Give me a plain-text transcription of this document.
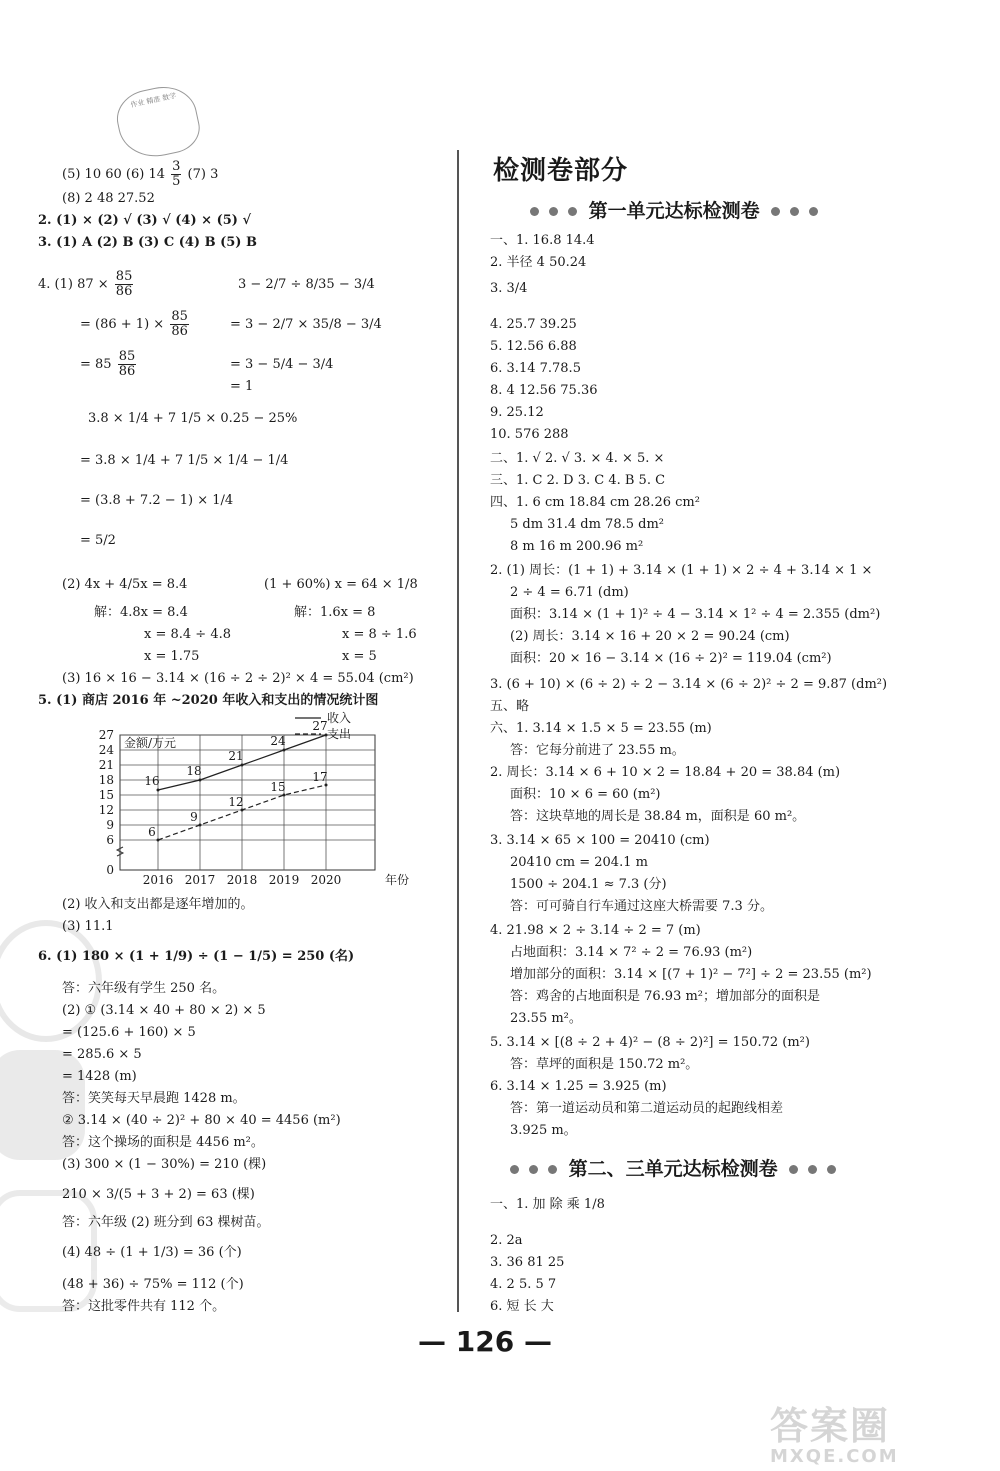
作业 精准 数学
(5) 10 60 (6) $14 \frac{3}{5} (7)$ 3
(8) 2 48 27.52
2. (1) × (2) √ (3) √ (4) × (5) √
3. (1) A (2) B (3) C (4) B (5) B
4. (1) $87 \times \frac{85}{86}$
= $(86 + 1) \times \frac{85}{86}$
= $85 \frac{85}{86}$
3 − 2/7 ÷ 8/35 − 3/4
= 3 − 2/7 × 35/8 − 3/4
= 3 − 5/4 − 3/4
= 1
3.8 × 1/4 + 7 1/5 × 0.25 − 25%
= 3.8 × 1/4 + 7 1/5 × 1/4 − 1/4
= (3.8 + 7.2 − 1) × 1/4
= 5/2
(2) 4x + 4/5x = 8.4	(1 + 60%) x = 64 × 1/8
解：4.8x = 8.4	解：1.6x = 8
x = 8.4 ÷ 4.8	x = 8 ÷ 1.6
x = 1.75	x = 5
(3) 16 × 16 − 3.14 × (16 ÷ 2 ÷ 2)² × 4 = 55.04 (cm²)
5. (1) 商店 2016 年 ~2020 年收入和支出的情况统计图
0
6
9
12
15
18
21
24
27
2016 2017 2018 2019 2020	年份
金额/万元
16
18
21
24
27
6
9
12
15
17
收入
支出
(2) 收入和支出都是逐年增加的。
(3) 11.1
6. (1) 180 × (1 + 1/9) ÷ (1 − 1/5) = 250 (名)
答：六年级有学生 250 名。
(2) ① (3.14 × 40 + 80 × 2) × 5
= (125.6 + 160) × 5
= 285.6 × 5
= 1428 (m)
答：笑笑每天早晨跑 1428 m。
② 3.14 × (40 ÷ 2)² + 80 × 40 = 4456 (m²)
答：这个操场的面积是 4456 m²。
(3) 300 × (1 − 30%) = 210 (棵)
210 × 3/(5 + 3 + 2) = 63 (棵)
答：六年级 (2) 班分到 63 棵树苗。
(4) 48 ÷ (1 + 1/3) = 36 (个)
(48 + 36) ÷ 75% = 112 (个)
答：这批零件共有 112 个。
检测卷部分
第一单元达标检测卷
一、1. 16.8 14.4
2. 半径 4 50.24
3. 3/4
4. 25.7 39.25
5. 12.56 6.88
6. 3.14 7.78.5
8. 4 12.56 75.36
9. 25.12
10. 576 288
二、1. √ 2. √ 3. × 4. × 5. ×
三、1. C 2. D 3. C 4. B 5. C
四、1. 6 cm 18.84 cm 28.26 cm²
5 dm 31.4 dm 78.5 dm²
8 m 16 m 200.96 m²
2. (1) 周长：(1 + 1) + 3.14 × (1 + 1) × 2 ÷ 4 + 3.14 × 1 ×
2 ÷ 4 = 6.71 (dm)
面积：3.14 × (1 + 1)² ÷ 4 − 3.14 × 1² ÷ 4 = 2.355 (dm²)
(2) 周长：3.14 × 16 + 20 × 2 = 90.24 (cm)
面积：20 × 16 − 3.14 × (16 ÷ 2)² = 119.04 (cm²)
3. (6 + 10) × (6 ÷ 2) ÷ 2 − 3.14 × (6 ÷ 2)² ÷ 2 = 9.87 (dm²)
五、略
六、1. 3.14 × 1.5 × 5 = 23.55 (m)
答：它每分前进了 23.55 m。
2. 周长：3.14 × 6 + 10 × 2 = 18.84 + 20 = 38.84 (m)
面积：10 × 6 = 60 (m²)
答：这块草地的周长是 38.84 m，面积是 60 m²。
3. 3.14 × 65 × 100 = 20410 (cm)
20410 cm = 204.1 m
1500 ÷ 204.1 ≈ 7.3 (分)
答：可可骑自行车通过这座大桥需要 7.3 分。
4. 21.98 × 2 ÷ 3.14 ÷ 2 = 7 (m)
占地面积：3.14 × 7² ÷ 2 = 76.93 (m²)
增加部分的面积：3.14 × [(7 + 1)² − 7²] ÷ 2 = 23.55 (m²)
答：鸡舍的占地面积是 76.93 m²；增加部分的面积是
23.55 m²。
5. 3.14 × [(8 ÷ 2 + 4)² − (8 ÷ 2)²] = 150.72 (m²)
答：草坪的面积是 150.72 m²。
6. 3.14 × 1.25 = 3.925 (m)
答：第一道运动员和第二道运动员的起跑线相差
3.925 m。
第二、三单元达标检测卷
一、1. 加 除 乘 1/8
2. 2a
3. 36 81 25
4. 2 5. 5 7
6. 短 长 大
— 126 —
答案圈
MXQE.COM
